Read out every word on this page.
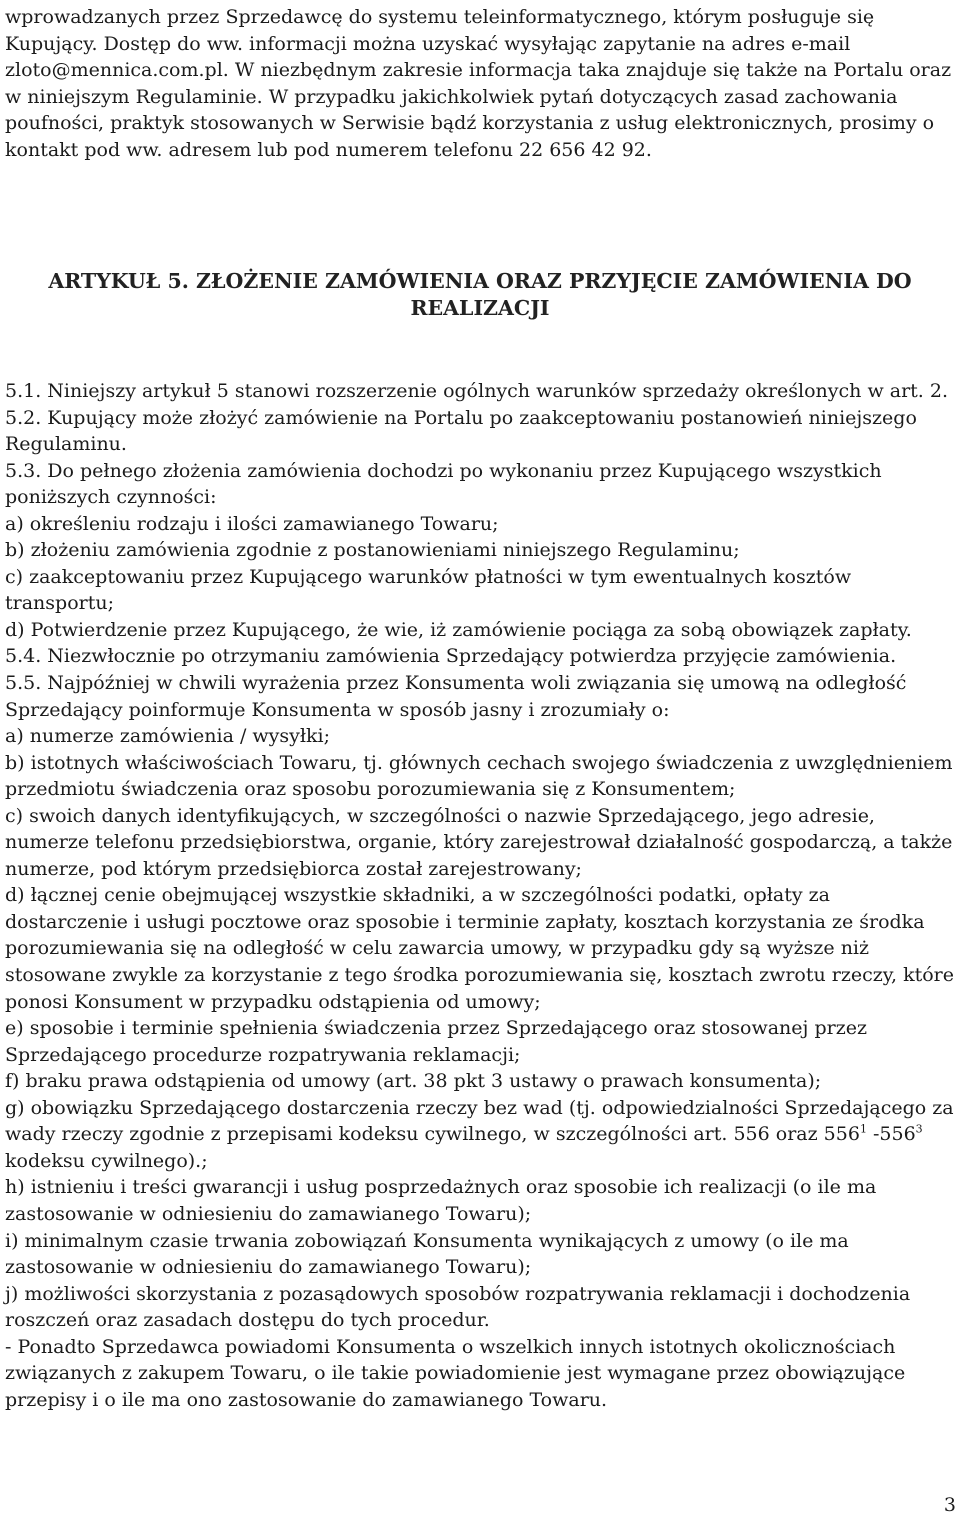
wprowadzanych przez Sprzedawcę do systemu teleinformatycznego, którym posługuje się Kupujący. Dostęp do ww. informacji można uzyskać wysyłając zapytanie na adres e-mail zloto@mennica.com.pl. W niezbędnym zakresie informacja taka znajduje się także na Portalu oraz w niniejszym Regulaminie. W przypadku jakichkolwiek pytań dotyczących zasad zachowania poufności, praktyk stosowanych w Serwisie bądź korzystania z usług elektronicznych, prosimy o kontakt pod ww. adresem lub pod numerem telefonu 22 656 42 92.

ARTYKUŁ 5. ZŁOŻENIE ZAMÓWIENIA ORAZ PRZYJĘCIE ZAMÓWIENIA DO REALIZACJI
5.1. Niniejszy artykuł 5 stanowi rozszerzenie ogólnych warunków sprzedaży określonych w art. 2.
5.2. Kupujący może złożyć zamówienie na Portalu po zaakceptowaniu postanowień niniejszego Regulaminu.
5.3. Do pełnego złożenia zamówienia dochodzi po wykonaniu przez Kupującego wszystkich poniższych czynności:
a) określeniu rodzaju i ilości zamawianego Towaru;
b) złożeniu zamówienia zgodnie z postanowieniami niniejszego Regulaminu;
c) zaakceptowaniu przez Kupującego warunków płatności w tym ewentualnych kosztów transportu;
d) Potwierdzenie przez Kupującego, że wie, iż zamówienie pociąga za sobą obowiązek zapłaty.
5.4. Niezwłocznie po otrzymaniu zamówienia Sprzedający potwierdza przyjęcie zamówienia.
5.5. Najpóźniej w chwili wyrażenia przez Konsumenta woli związania się umową na odległość Sprzedający poinformuje Konsumenta w sposób jasny i zrozumiały o:
a) numerze zamówienia / wysyłki;
b) istotnych właściwościach Towaru, tj. głównych cechach swojego świadczenia z uwzględnieniem przedmiotu świadczenia oraz sposobu porozumiewania się z Konsumentem;
c) swoich danych identyfikujących, w szczególności o nazwie Sprzedającego, jego adresie, numerze telefonu przedsiębiorstwa, organie, który zarejestrował działalność gospodarczą, a także numerze, pod którym przedsiębiorca został zarejestrowany;
d) łącznej cenie obejmującej wszystkie składniki, a w szczególności podatki, opłaty za dostarczenie i usługi pocztowe oraz sposobie i terminie zapłaty, kosztach korzystania ze środka porozumiewania się na odległość w celu zawarcia umowy, w przypadku gdy są wyższe niż stosowane zwykle za korzystanie z tego środka porozumiewania się, kosztach zwrotu rzeczy, które ponosi Konsument w przypadku odstąpienia od umowy;
e) sposobie i terminie spełnienia świadczenia przez Sprzedającego oraz stosowanej przez Sprzedającego procedurze rozpatrywania reklamacji;
f) braku prawa odstąpienia od umowy (art. 38 pkt 3 ustawy o prawach konsumenta);
g) obowiązku Sprzedającego dostarczenia rzeczy bez wad (tj. odpowiedzialności Sprzedającego za wady rzeczy zgodnie z przepisami kodeksu cywilnego, w szczególności art. 556 oraz $556^1$ $-556^3$ kodeksu cywilnego).;
h) istnieniu i treści gwarancji i usług posprzedażnych oraz sposobie ich realizacji (o ile ma zastosowanie w odniesieniu do zamawianego Towaru);
i) minimalnym czasie trwania zobowiązań Konsumenta wynikających z umowy (o ile ma zastosowanie w odniesieniu do zamawianego Towaru);
j) możliwości skorzystania z pozasądowych sposobów rozpatrywania reklamacji i dochodzenia roszczeń oraz zasadach dostępu do tych procedur.
- Ponadto Sprzedawca powiadomi Konsumenta o wszelkich innych istotnych okolicznościach związanych z zakupem Towaru, o ile takie powiadomienie jest wymagane przez obowiązujące przepisy i o ile ma ono zastosowanie do zamawianego Towaru.
3
